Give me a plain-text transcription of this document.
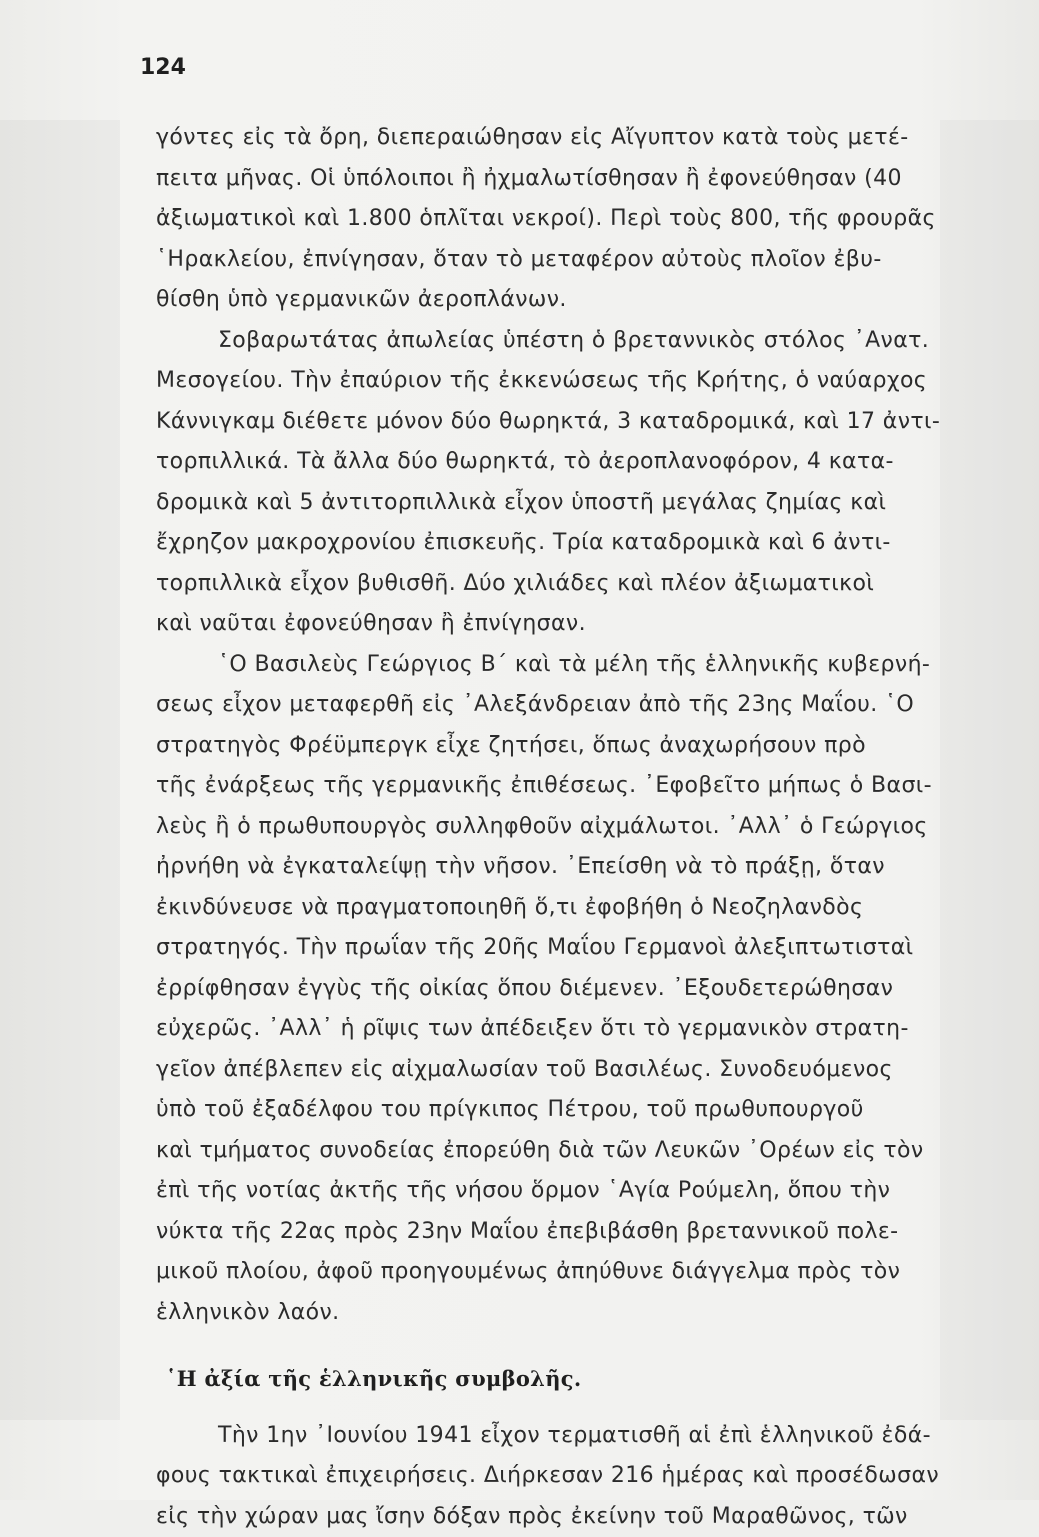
124
γόντες εἰς τὰ ὄρη, διεπεραιώθησαν εἰς Αἴγυπτον κατὰ τοὺς μετέ-
πειτα μῆνας. Οἱ ὑπόλοιποι ἢ ἠχμαλωτίσθησαν ἢ ἐφονεύθησαν (40
ἀξιωματικοὶ καὶ 1.800 ὁπλῖται νεκροί). Περὶ τοὺς 800, τῆς φρουρᾶς
῾Ηρακλείου, ἐπνίγησαν, ὅταν τὸ μεταφέρον αὐτοὺς πλοῖον ἐβυ-
θίσθη ὑπὸ γερμανικῶν ἀεροπλάνων.
Σοβαρωτάτας ἀπωλείας ὑπέστη ὁ βρεταννικὸς στόλος ᾿Ανατ.
Μεσογείου. Τὴν ἐπαύριον τῆς ἐκκενώσεως τῆς Κρήτης, ὁ ναύαρχος
Κάννιγκαμ διέθετε μόνον δύο θωρηκτά, 3 καταδρομικά, καὶ 17 ἀντι-
τορπιλλικά. Τὰ ἄλλα δύο θωρηκτά, τὸ ἀεροπλανοφόρον, 4 κατα-
δρομικὰ καὶ 5 ἀντιτορπιλλικὰ εἶχον ὑποστῆ μεγάλας ζημίας καὶ
ἔχρηζον μακροχρονίου ἐπισκευῆς. Τρία καταδρομικὰ καὶ 6 ἀντι-
τορπιλλικὰ εἶχον βυθισθῆ. Δύο χιλιάδες καὶ πλέον ἀξιωματικοὶ
καὶ ναῦται ἐφονεύθησαν ἢ ἐπνίγησαν.
῾Ο Βασιλεὺς Γεώργιος Β΄ καὶ τὰ μέλη τῆς ἑλληνικῆς κυβερνή-
σεως εἶχον μεταφερθῆ εἰς ᾿Αλεξάνδρειαν ἀπὸ τῆς 23ης Μαΐου. ῾Ο
στρατηγὸς Φρέϋμπεργκ εἶχε ζητήσει, ὅπως ἀναχωρήσουν πρὸ
τῆς ἐνάρξεως τῆς γερμανικῆς ἐπιθέσεως. ᾿Εφοβεῖτο μήπως ὁ Βασι-
λεὺς ἢ ὁ πρωθυπουργὸς συλληφθοῦν αἰχμάλωτοι. ᾿Αλλ᾿ ὁ Γεώργιος
ἠρνήθη νὰ ἐγκαταλείψῃ τὴν νῆσον. ᾿Επείσθη νὰ τὸ πράξῃ, ὅταν
ἐκινδύνευσε νὰ πραγματοποιηθῆ ὅ,τι ἐφοβήθη ὁ Νεοζηλανδὸς
στρατηγός. Τὴν πρωΐαν τῆς 20ῆς Μαΐου Γερμανοὶ ἀλεξιπτωτισταὶ
ἐρρίφθησαν ἐγγὺς τῆς οἰκίας ὅπου διέμενεν. ᾿Εξουδετερώθησαν
εὐχερῶς. ᾿Αλλ᾿ ἡ ρῖψις των ἀπέδειξεν ὅτι τὸ γερμανικὸν στρατη-
γεῖον ἀπέβλεπεν εἰς αἰχμαλωσίαν τοῦ Βασιλέως. Συνοδευόμενος
ὑπὸ τοῦ ἐξαδέλφου του πρίγκιπος Πέτρου, τοῦ πρωθυπουργοῦ
καὶ τμήματος συνοδείας ἐπορεύθη διὰ τῶν Λευκῶν ᾿Ορέων εἰς τὸν
ἐπὶ τῆς νοτίας ἀκτῆς τῆς νήσου ὅρμον ῾Αγία Ρούμελη, ὅπου τὴν
νύκτα τῆς 22ας πρὸς 23ην Μαΐου ἐπεβιβάσθη βρεταννικοῦ πολε-
μικοῦ πλοίου, ἀφοῦ προηγουμένως ἀπηύθυνε διάγγελμα πρὸς τὸν
ἑλληνικὸν λαόν.
῾Η ἀξία τῆς ἑλληνικῆς συμβολῆς.
Τὴν 1ην ᾿Ιουνίου 1941 εἶχον τερματισθῆ αἱ ἐπὶ ἑλληνικοῦ ἐδά-
φους τακτικαὶ ἐπιχειρήσεις. Διήρκεσαν 216 ἡμέρας καὶ προσέδωσαν
εἰς τὴν χώραν μας ἴσην δόξαν πρὸς ἐκείνην τοῦ Μαραθῶνος, τῶν
